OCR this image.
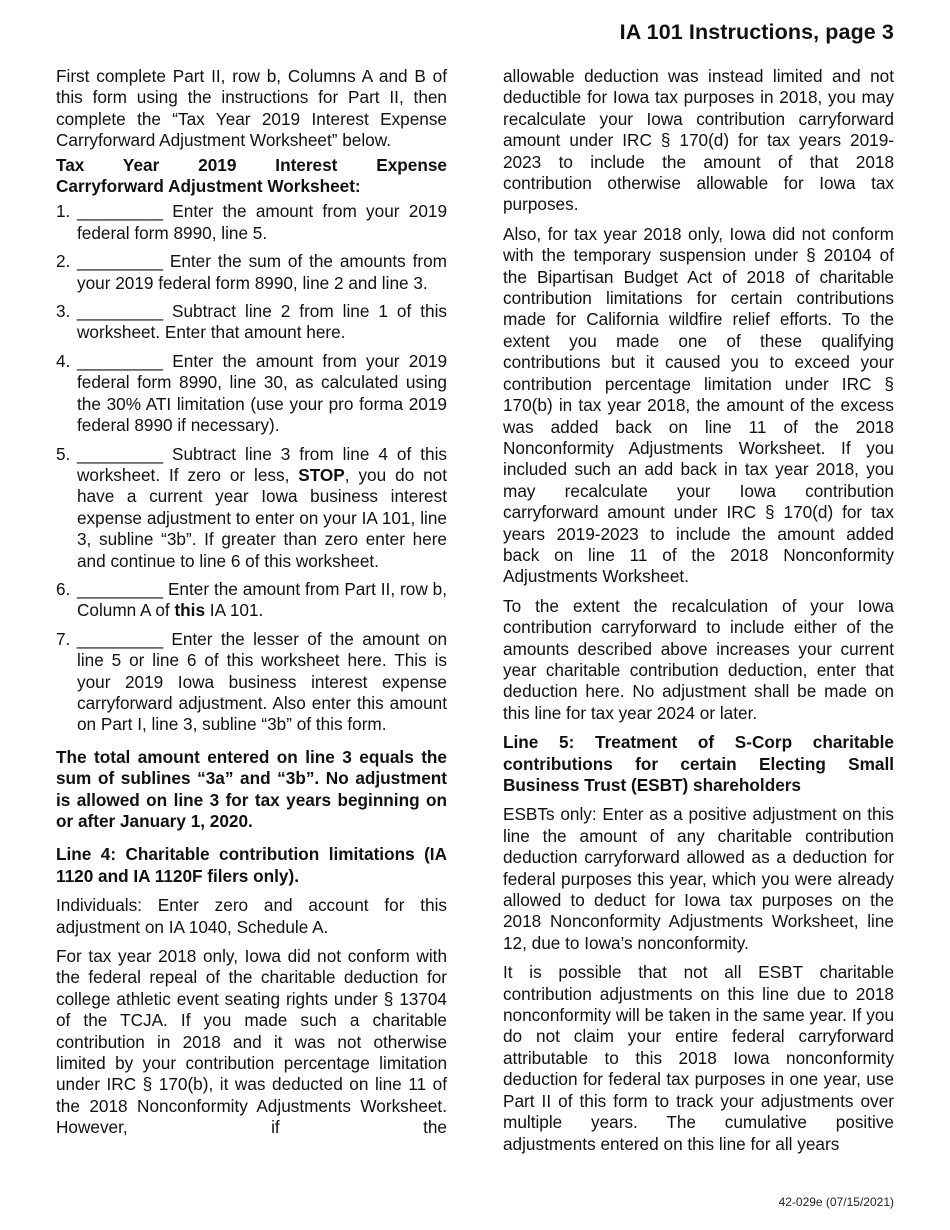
IA 101 Instructions, page 3

First complete Part II, row b, Columns A and B of this form using the instructions for Part II, then complete the “Tax Year 2019 Interest Expense Carryforward Adjustment Worksheet” below.

Tax Year 2019 Interest Expense
Carryforward Adjustment Worksheet:
1. _________ Enter the amount from your 2019 federal form 8990, line 5.
2. _________ Enter the sum of the amounts from your 2019 federal form 8990, line 2 and line 3.
3. _________ Subtract line 2 from line 1 of this worksheet. Enter that amount here.
4. _________ Enter the amount from your 2019 federal form 8990, line 30, as calculated using the 30% ATI limitation (use your pro forma 2019 federal 8990 if necessary).
5. _________ Subtract line 3 from line 4 of this worksheet. If zero or less, STOP, you do not have a current year Iowa business interest expense adjustment to enter on your IA 101, line 3, subline “3b”. If greater than zero enter here and continue to line 6 of this worksheet.
6. _________ Enter the amount from Part II, row b, Column A of this IA 101.
7. _________ Enter the lesser of the amount on line 5 or line 6 of this worksheet here. This is your 2019 Iowa business interest expense carryforward adjustment. Also enter this amount on Part I, line 3, subline “3b” of this form.

The total amount entered on line 3 equals the sum of sublines “3a” and “3b”. No adjustment is allowed on line 3 for tax years beginning on or after January 1, 2020.

Line 4: Charitable contribution limitations (IA 1120 and IA 1120F filers only).

Individuals: Enter zero and account for this adjustment on IA 1040, Schedule A.

For tax year 2018 only, Iowa did not conform with the federal repeal of the charitable deduction for college athletic event seating rights under § 13704 of the TCJA. If you made such a charitable contribution in 2018 and it was not otherwise limited by your contribution percentage limitation under IRC § 170(b), it was deducted on line 11 of the 2018 Nonconformity Adjustments Worksheet. However, if the

allowable deduction was instead limited and not deductible for Iowa tax purposes in 2018, you may recalculate your Iowa contribution carryforward amount under IRC § 170(d) for tax years 2019-2023 to include the amount of that 2018 contribution otherwise allowable for Iowa tax purposes.

Also, for tax year 2018 only, Iowa did not conform with the temporary suspension under § 20104 of the Bipartisan Budget Act of 2018 of charitable contribution limitations for certain contributions made for California wildfire relief efforts. To the extent you made one of these qualifying contributions but it caused you to exceed your contribution percentage limitation under IRC § 170(b) in tax year 2018, the amount of the excess was added back on line 11 of the 2018 Nonconformity Adjustments Worksheet. If you included such an add back in tax year 2018, you may recalculate your Iowa contribution carryforward amount under IRC § 170(d) for tax years 2019-2023 to include the amount added back on line 11 of the 2018 Nonconformity Adjustments Worksheet.

To the extent the recalculation of your Iowa contribution carryforward to include either of the amounts described above increases your current year charitable contribution deduction, enter that deduction here. No adjustment shall be made on this line for tax year 2024 or later.

Line 5: Treatment of S-Corp charitable contributions for certain Electing Small Business Trust (ESBT) shareholders

ESBTs only: Enter as a positive adjustment on this line the amount of any charitable contribution deduction carryforward allowed as a deduction for federal purposes this year, which you were already allowed to deduct for Iowa tax purposes on the 2018 Nonconformity Adjustments Worksheet, line 12, due to Iowa’s nonconformity.

It is possible that not all ESBT charitable contribution adjustments on this line due to 2018 nonconformity will be taken in the same year. If you do not claim your entire federal carryforward attributable to this 2018 Iowa nonconformity deduction for federal tax purposes in one year, use Part II of this form to track your adjustments over multiple years. The cumulative positive adjustments entered on this line for all years

42-029e (07/15/2021)
